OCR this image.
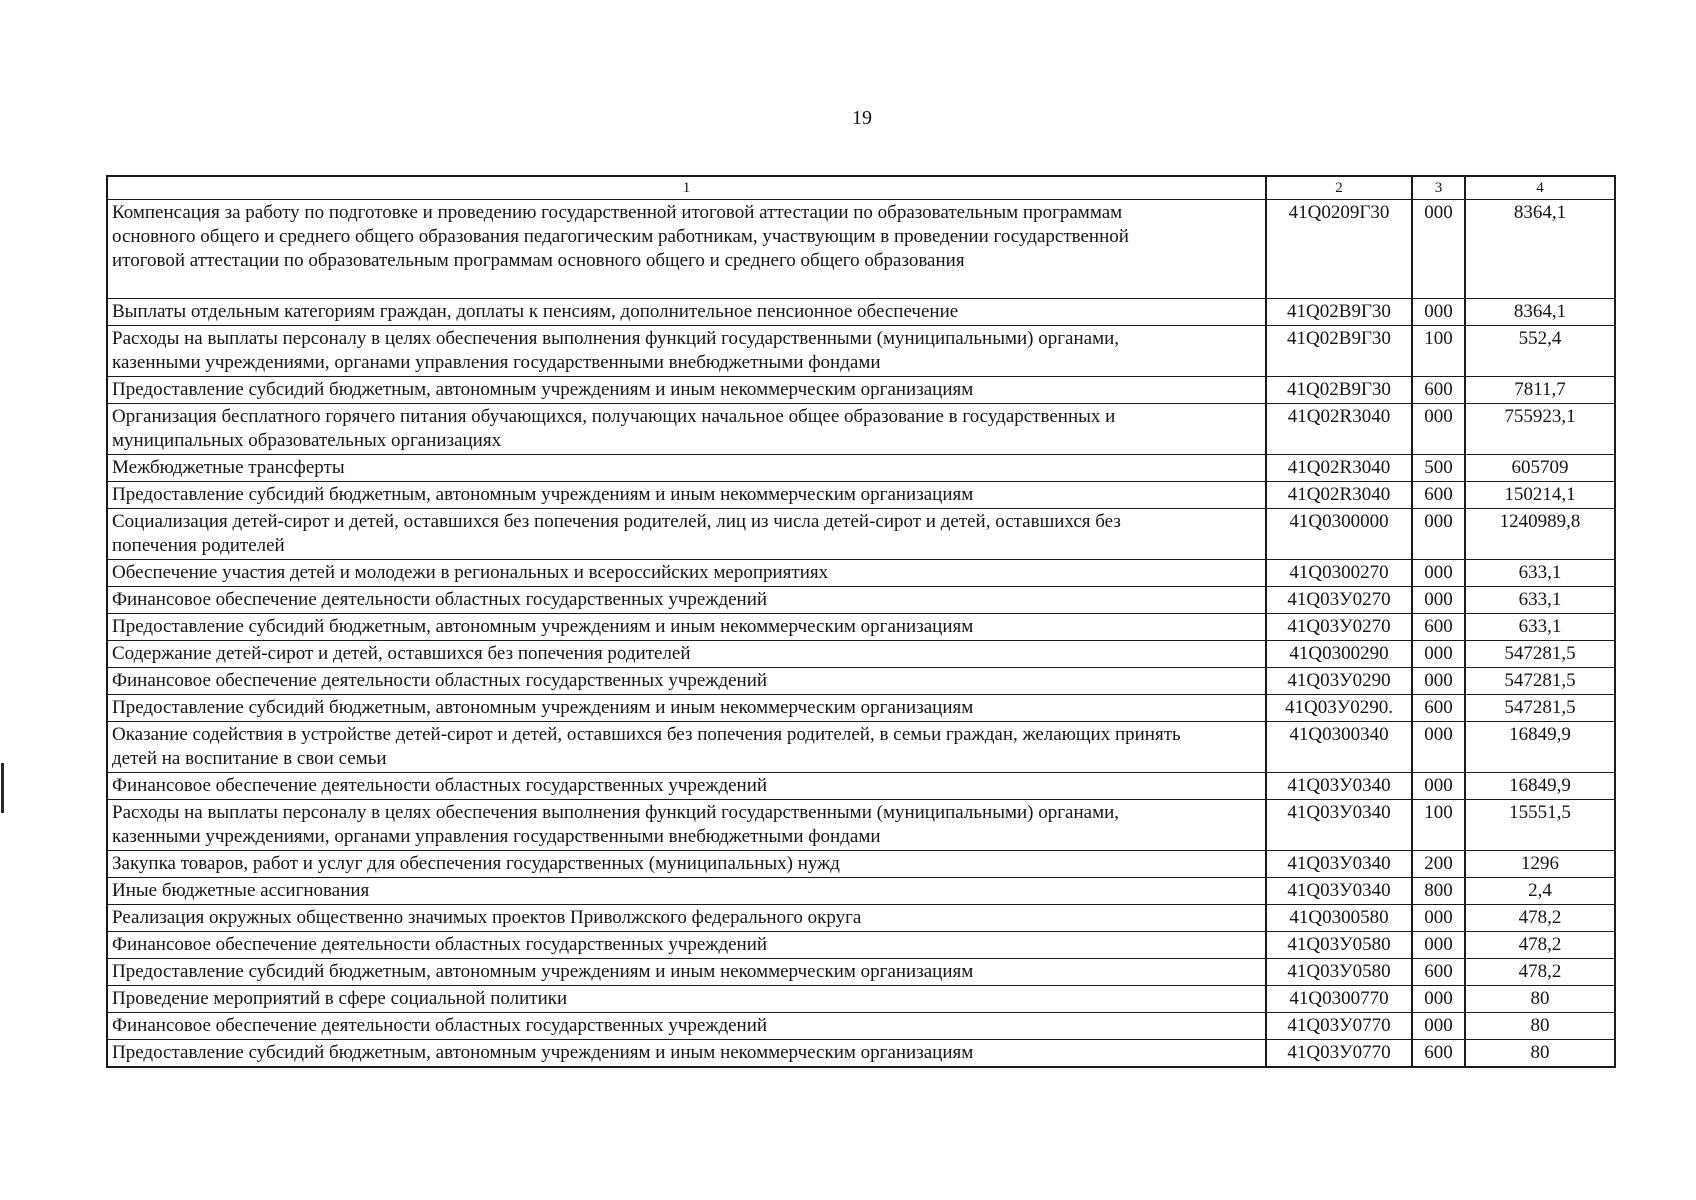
19
1	2	3	4
Компенсация за работу по подготовке и проведению государственной итоговой аттестации по образовательным программам
основного общего и среднего общего образования педагогическим работникам, участвующим в проведении государственной
итоговой аттестации по образовательным программам основного общего и среднего общего образования	41Q0209Г30	000	8364,1
Выплаты отдельным категориям граждан, доплаты к пенсиям, дополнительное пенсионное обеспечение	41Q02B9Г30	000	8364,1
Расходы на выплаты персоналу в целях обеспечения выполнения функций государственными (муниципальными) органами,
казенными учреждениями, органами управления государственными внебюджетными фондами	41Q02B9Г30	100	552,4
Предоставление субсидий бюджетным, автономным учреждениям и иным некоммерческим организациям	41Q02B9Г30	600	7811,7
Организация бесплатного горячего питания обучающихся, получающих начальное общее образование в государственных и
муниципальных образовательных организациях	41Q02R3040	000	755923,1
Межбюджетные трансферты	41Q02R3040	500	605709
Предоставление субсидий бюджетным, автономным учреждениям и иным некоммерческим организациям	41Q02R3040	600	150214,1
Социализация детей-сирот и детей, оставшихся без попечения родителей, лиц из числа детей-сирот и детей, оставшихся без
попечения родителей	41Q0300000	000	1240989,8
Обеспечение участия детей и молодежи в региональных и всероссийских мероприятиях	41Q0300270	000	633,1
Финансовое обеспечение деятельности областных государственных учреждений	41Q03У0270	000	633,1
Предоставление субсидий бюджетным, автономным учреждениям и иным некоммерческим организациям	41Q03У0270	600	633,1
Содержание детей-сирот и детей, оставшихся без попечения родителей	41Q0300290	000	547281,5
Финансовое обеспечение деятельности областных государственных учреждений	41Q03У0290	000	547281,5
Предоставление субсидий бюджетным, автономным учреждениям и иным некоммерческим организациям	41Q03У0290.	600	547281,5
Оказание содействия в устройстве детей-сирот и детей, оставшихся без попечения родителей, в семьи граждан, желающих принять
детей на воспитание в свои семьи	41Q0300340	000	16849,9
Финансовое обеспечение деятельности областных государственных учреждений	41Q03У0340	000	16849,9
Расходы на выплаты персоналу в целях обеспечения выполнения функций государственными (муниципальными) органами,
казенными учреждениями, органами управления государственными внебюджетными фондами	41Q03У0340	100	15551,5
Закупка товаров, работ и услуг для обеспечения государственных (муниципальных) нужд	41Q03У0340	200	1296
Иные бюджетные ассигнования	41Q03У0340	800	2,4
Реализация окружных общественно значимых проектов Приволжского федерального округа	41Q0300580	000	478,2
Финансовое обеспечение деятельности областных государственных учреждений	41Q03У0580	000	478,2
Предоставление субсидий бюджетным, автономным учреждениям и иным некоммерческим организациям	41Q03У0580	600	478,2
Проведение мероприятий в сфере социальной политики	41Q0300770	000	80
Финансовое обеспечение деятельности областных государственных учреждений	41Q03У0770	000	80
Предоставление субсидий бюджетным, автономным учреждениям и иным некоммерческим организациям	41Q03У0770	600	80
